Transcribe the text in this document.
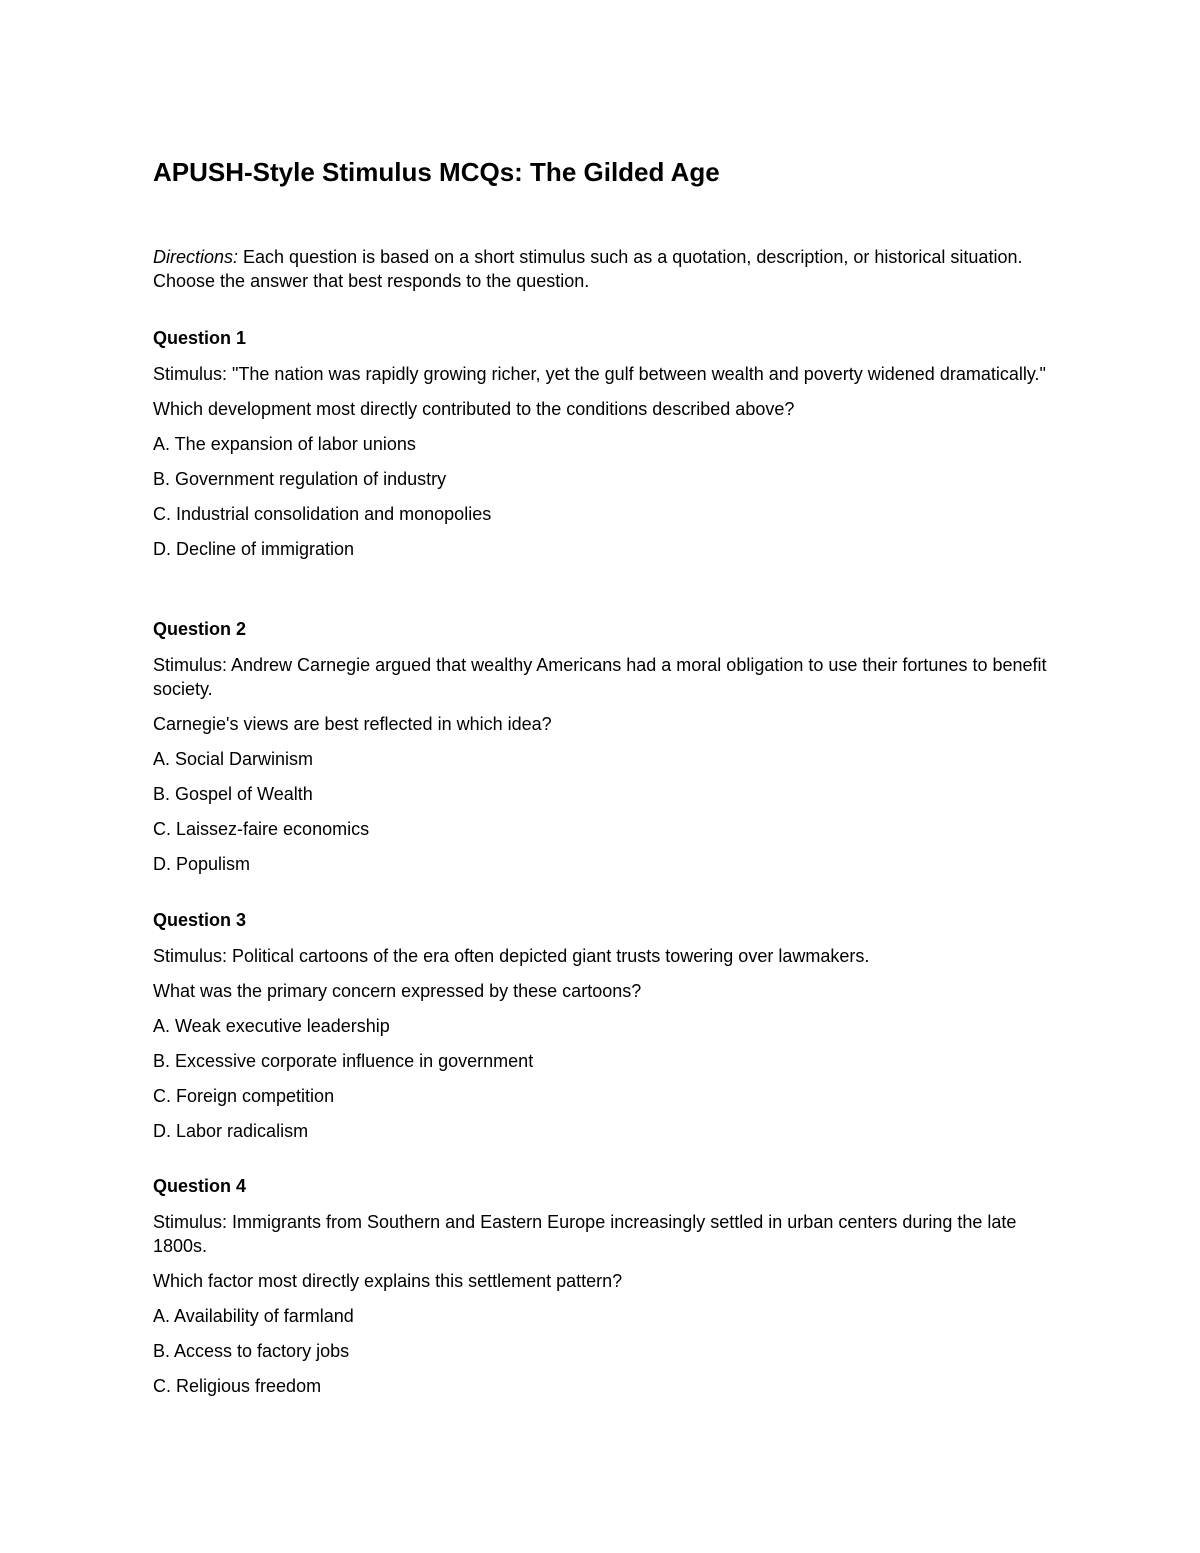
APUSH-Style Stimulus MCQs: The Gilded Age

Directions: Each question is based on a short stimulus such as a quotation, description, or historical situation. Choose the answer that best responds to the question.

Question 1

Stimulus: "The nation was rapidly growing richer, yet the gulf between wealth and poverty widened dramatically."

Which development most directly contributed to the conditions described above?

A. The expansion of labor unions
B. Government regulation of industry
C. Industrial consolidation and monopolies
D. Decline of immigration
Question 2

Stimulus: Andrew Carnegie argued that wealthy Americans had a moral obligation to use their fortunes to benefit society.

Carnegie's views are best reflected in which idea?

A. Social Darwinism
B. Gospel of Wealth
C. Laissez-faire economics
D. Populism
Question 3

Stimulus: Political cartoons of the era often depicted giant trusts towering over lawmakers.

What was the primary concern expressed by these cartoons?

A. Weak executive leadership
B. Excessive corporate influence in government
C. Foreign competition
D. Labor radicalism
Question 4

Stimulus: Immigrants from Southern and Eastern Europe increasingly settled in urban centers during the late 1800s.

Which factor most directly explains this settlement pattern?

A. Availability of farmland
B. Access to factory jobs
C. Religious freedom
